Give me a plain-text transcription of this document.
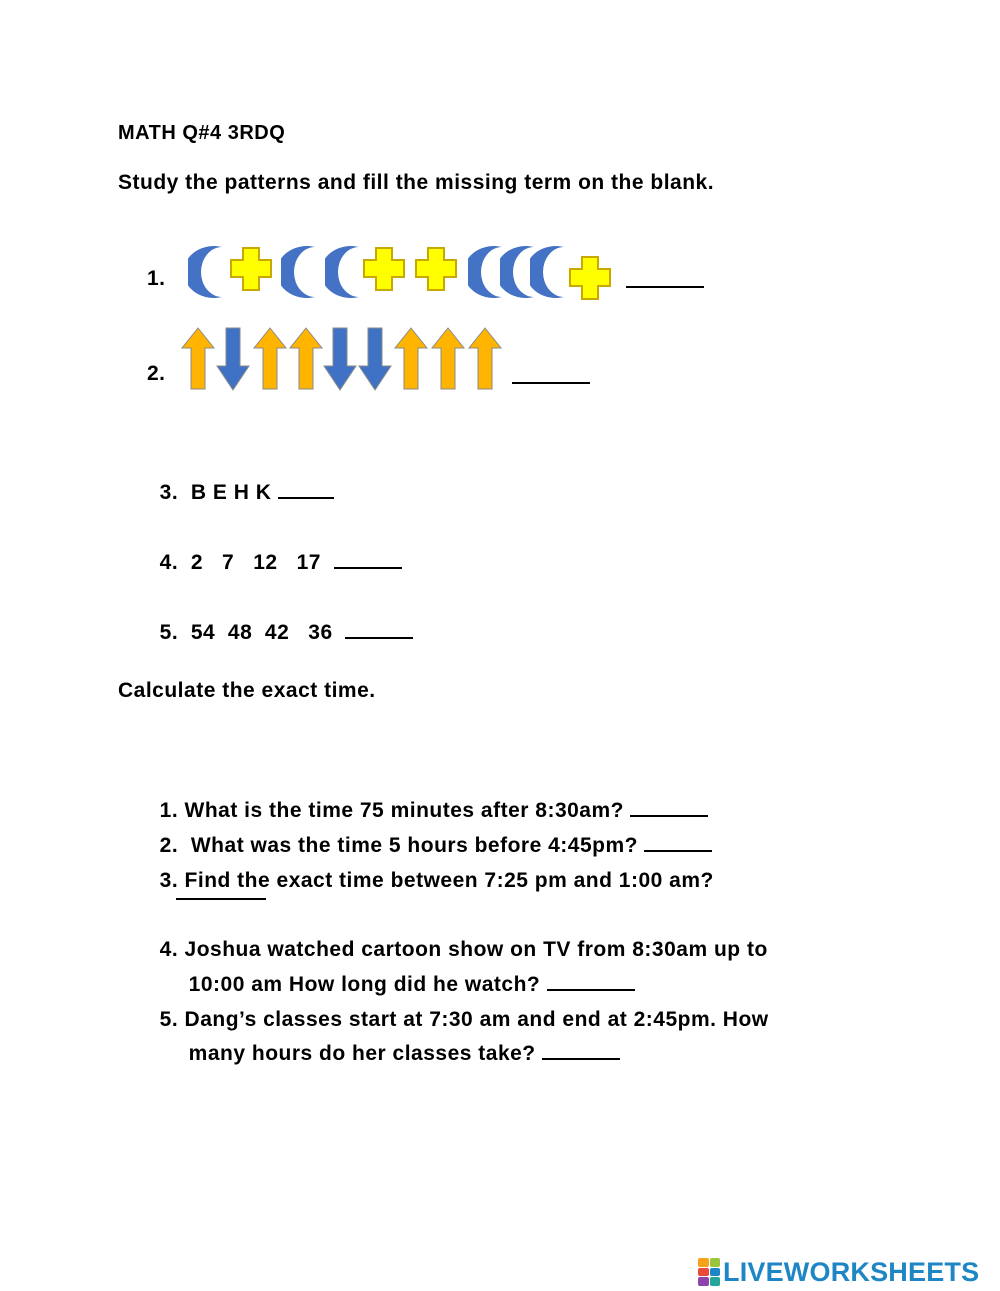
MATH Q#4 3RDQ
Study the patterns and fill the missing term on the blank.
1.
2.

3. B E H K

4. 2   7   12   17

5. 54  48  42   36

Calculate the exact time.

1. What is the time 75 minutes after 8:30am?

2.  What was the time 5 hours before 4:45pm?

3. Find the exact time between 7:25 pm and 1:00 am?

4. Joshua watched cartoon show on TV from 8:30am up to

10:00 am How long did he watch?

5. Dang’s classes start at 7:30 am and end at 2:45pm. How

many hours do her classes take?

LIVEWORKSHEETS
